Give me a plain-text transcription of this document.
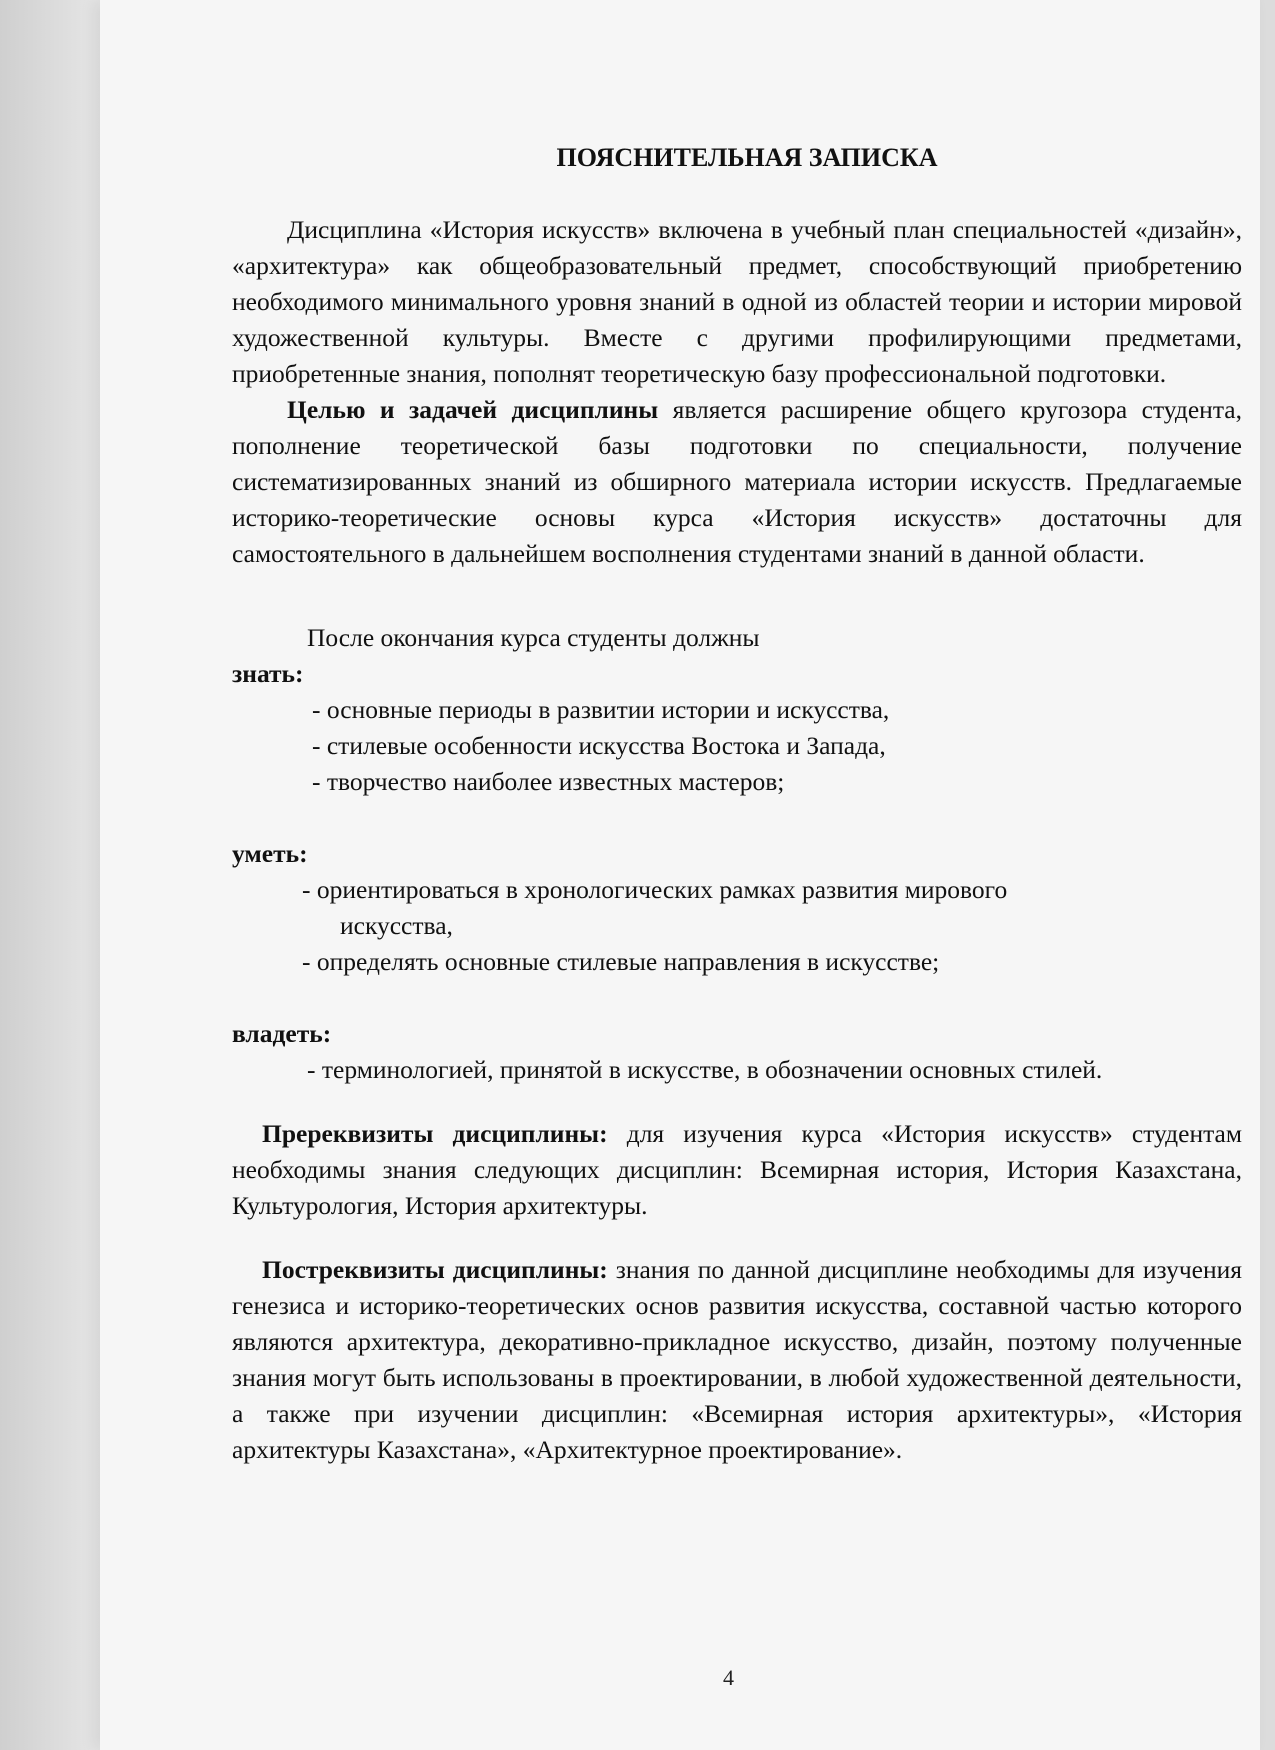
ПОЯСНИТЕЛЬНАЯ ЗАПИСКА

Дисциплина «История искусств» включена в учебный план специальностей «дизайн», «архитектура» как общеобразовательный предмет, способствующий приобретению необходимого минимального уровня знаний в одной из областей теории и истории мировой художественной культуры. Вместе с другими профилирующими предметами, приобретенные знания, пополнят теоретическую базу профессиональной подготовки.

Целью и задачей дисциплины является расширение общего кругозора студента, пополнение теоретической базы подготовки по специальности, получение систематизированных знаний из обширного материала истории искусств. Предлагаемые историко-теоретические основы курса «История искусств» достаточны для самостоятельного в дальнейшем восполнения студентами знаний в данной области.

После окончания курса студенты должны

знать:

- основные периоды в развитии истории и искусства,
- стилевые особенности искусства Востока и Запада,
- творчество наиболее известных мастеров;

уметь:

- ориентироваться в хронологических рамках развития мирового
искусства,
- определять основные стилевые направления в искусстве;

владеть:

- терминологией, принятой в искусстве, в обозначении основных стилей.

Пререквизиты дисциплины: для изучения курса «История искусств» студентам необходимы знания следующих дисциплин: Всемирная история, История Казахстана, Культурология, История архитектуры.

Постреквизиты дисциплины: знания по данной дисциплине необходимы для изучения генезиса и историко-теоретических основ развития искусства, составной частью которого являются архитектура, декоративно-прикладное искусство, дизайн, поэтому полученные знания могут быть использованы в проектировании, в любой художественной деятельности, а также при изучении дисциплин: «Всемирная история архитектуры», «История архитектуры Казахстана», «Архитектурное проектирование».

4
